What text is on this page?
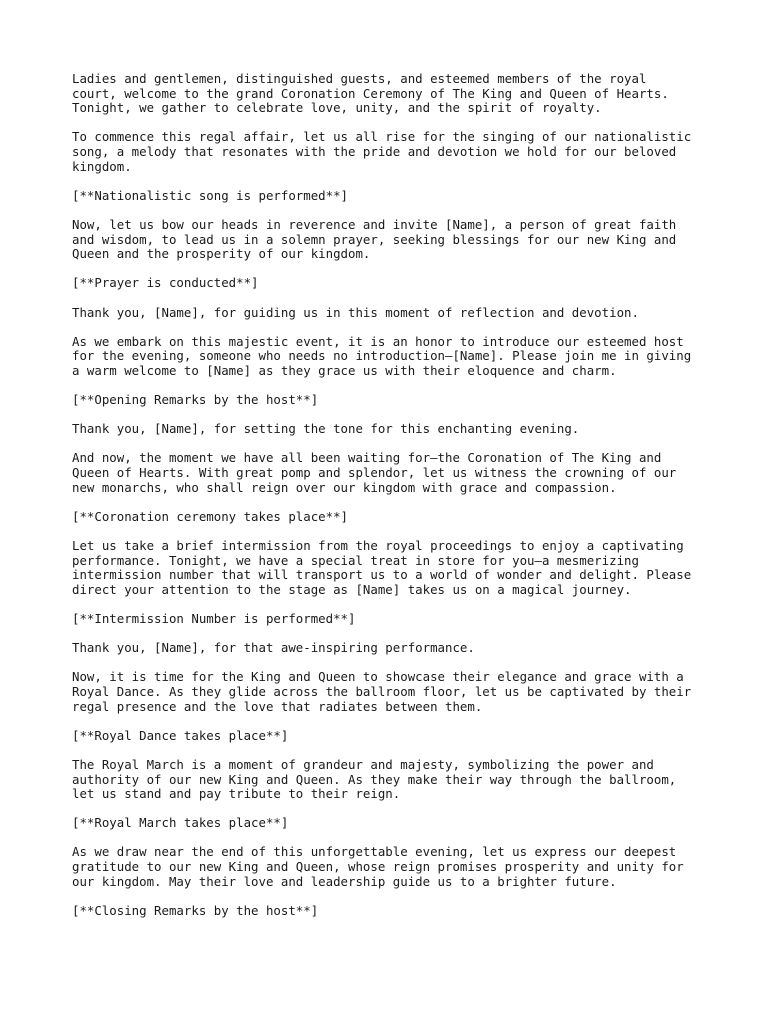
Ladies and gentlemen, distinguished guests, and esteemed members of the royal
court, welcome to the grand Coronation Ceremony of The King and Queen of Hearts.
Tonight, we gather to celebrate love, unity, and the spirit of royalty.

To commence this regal affair, let us all rise for the singing of our nationalistic
song, a melody that resonates with the pride and devotion we hold for our beloved
kingdom.

[**Nationalistic song is performed**]

Now, let us bow our heads in reverence and invite [Name], a person of great faith
and wisdom, to lead us in a solemn prayer, seeking blessings for our new King and
Queen and the prosperity of our kingdom.

[**Prayer is conducted**]

Thank you, [Name], for guiding us in this moment of reflection and devotion.

As we embark on this majestic event, it is an honor to introduce our esteemed host
for the evening, someone who needs no introduction—[Name]. Please join me in giving
a warm welcome to [Name] as they grace us with their eloquence and charm.

[**Opening Remarks by the host**]

Thank you, [Name], for setting the tone for this enchanting evening.

And now, the moment we have all been waiting for—the Coronation of The King and
Queen of Hearts. With great pomp and splendor, let us witness the crowning of our
new monarchs, who shall reign over our kingdom with grace and compassion.

[**Coronation ceremony takes place**]

Let us take a brief intermission from the royal proceedings to enjoy a captivating
performance. Tonight, we have a special treat in store for you—a mesmerizing
intermission number that will transport us to a world of wonder and delight. Please
direct your attention to the stage as [Name] takes us on a magical journey.

[**Intermission Number is performed**]

Thank you, [Name], for that awe-inspiring performance.

Now, it is time for the King and Queen to showcase their elegance and grace with a
Royal Dance. As they glide across the ballroom floor, let us be captivated by their
regal presence and the love that radiates between them.

[**Royal Dance takes place**]

The Royal March is a moment of grandeur and majesty, symbolizing the power and
authority of our new King and Queen. As they make their way through the ballroom,
let us stand and pay tribute to their reign.

[**Royal March takes place**]

As we draw near the end of this unforgettable evening, let us express our deepest
gratitude to our new King and Queen, whose reign promises prosperity and unity for
our kingdom. May their love and leadership guide us to a brighter future.

[**Closing Remarks by the host**]
